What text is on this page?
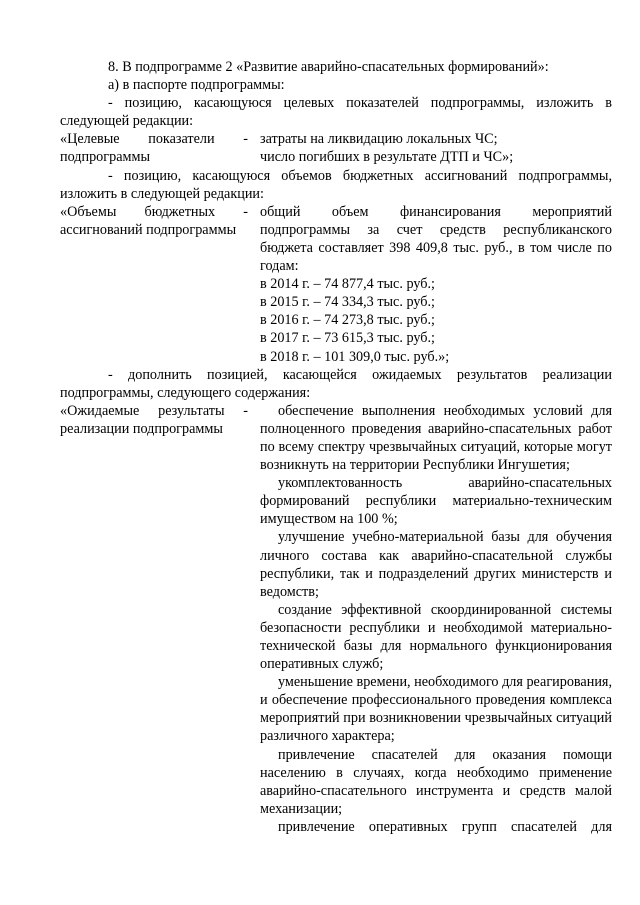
8. В подпрограмме 2 «Развитие аварийно-спасательных формирований»:

а) в паспорте подпрограммы:

- позицию, касающуюся целевых показателей подпрограммы, изложить в следующей редакции:

«Целевые показатели - подпрограммы

затраты на ликвидацию локальных ЧС;

число погибших в результате ДТП и ЧС»;

- позицию, касающуюся объемов бюджетных ассигнований подпрограммы, изложить в следующей редакции:

«Объемы бюджетных - ассигнований подпрограммы

общий объем финансирования мероприятий подпрограммы за счет средств республиканского бюджета составляет 398 409,8 тыс. руб., в том числе по годам:

в 2014 г. – 74 877,4 тыс. руб.;

в 2015 г. – 74 334,3 тыс. руб.;

в 2016 г. – 74 273,8 тыс. руб.;

в 2017 г. – 73 615,3 тыс. руб.;

в 2018 г. – 101 309,0 тыс. руб.»;

- дополнить позицией, касающейся ожидаемых результатов реализации подпрограммы, следующего содержания:

«Ожидаемые результаты - реализации подпрограммы

обеспечение выполнения необходимых условий для полноценного проведения аварийно-спасательных работ по всему спектру чрезвычайных ситуаций, которые могут возникнуть на территории Республики Ингушетия;

укомплектованность аварийно-спасательных формирований республики материально-техническим имуществом на 100 %;

улучшение учебно-материальной базы для обучения личного состава как аварийно-спасательной службы республики, так и подразделений других министерств и ведомств;

создание эффективной скоординированной системы безопасности республики и необходимой материально-технической базы для нормального функционирования оперативных служб;

уменьшение времени, необходимого для реагирования, и обеспечение профессионального проведения комплекса мероприятий при возникновении чрезвычайных ситуаций различного характера;

привлечение спасателей для оказания помощи населению в случаях, когда необходимо применение аварийно-спасательного инструмента и средств малой механизации;

привлечение оперативных групп спасателей для
